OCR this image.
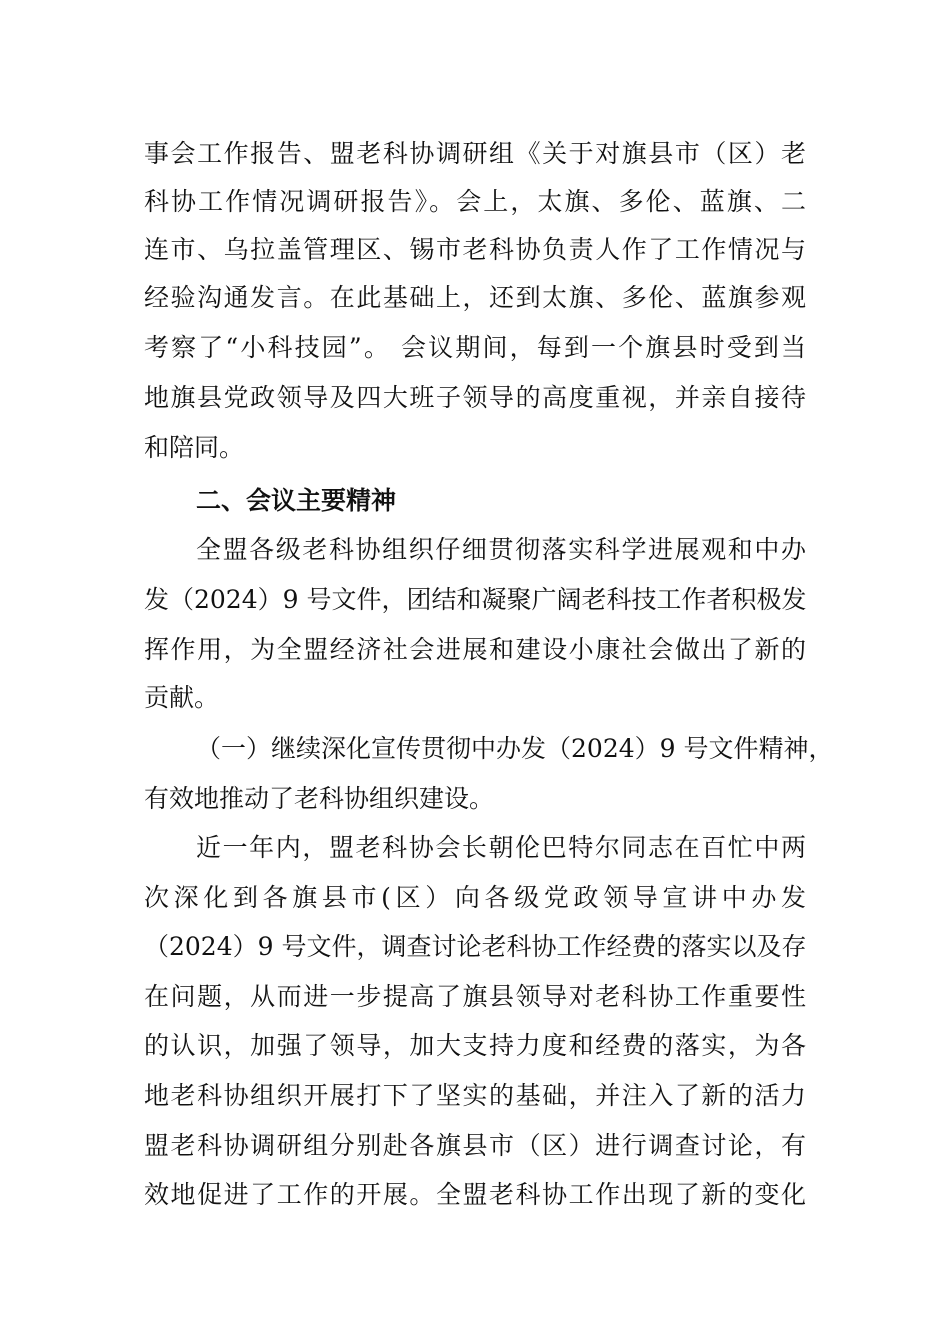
事会工作报告、盟老科协调研组《关于对旗县市（区）老
科协工作情况调研报告》。会上，太旗、多伦、蓝旗、二
连市、乌拉盖管理区、锡市老科协负责人作了工作情况与
经验沟通发言。在此基础上，还到太旗、多伦、蓝旗参观
考察了“小科技园”。 会议期间，每到一个旗县时受到当
地旗县党政领导及四大班子领导的高度重视，并亲自接待
和陪同。
二、会议主要精神
全盟各级老科协组织仔细贯彻落实科学进展观和中办
发（2024）9 号文件，团结和凝聚广阔老科技工作者积极发
挥作用，为全盟经济社会进展和建设小康社会做出了新的
贡献。
（一）继续深化宣传贯彻中办发（2024）9 号文件精神，
有效地推动了老科协组织建设。
近一年内，盟老科协会长朝伦巴特尔同志在百忙中两
次深化到各旗县市(区）向各级党政领导宣讲中办发
（2024）9 号文件，调查讨论老科协工作经费的落实以及存
在问题，从而进一步提高了旗县领导对老科协工作重要性
的认识，加强了领导，加大支持力度和经费的落实，为各
地老科协组织开展打下了坚实的基础，并注入了新的活力
盟老科协调研组分别赴各旗县市（区）进行调查讨论，有
效地促进了工作的开展。全盟老科协工作出现了新的变化
